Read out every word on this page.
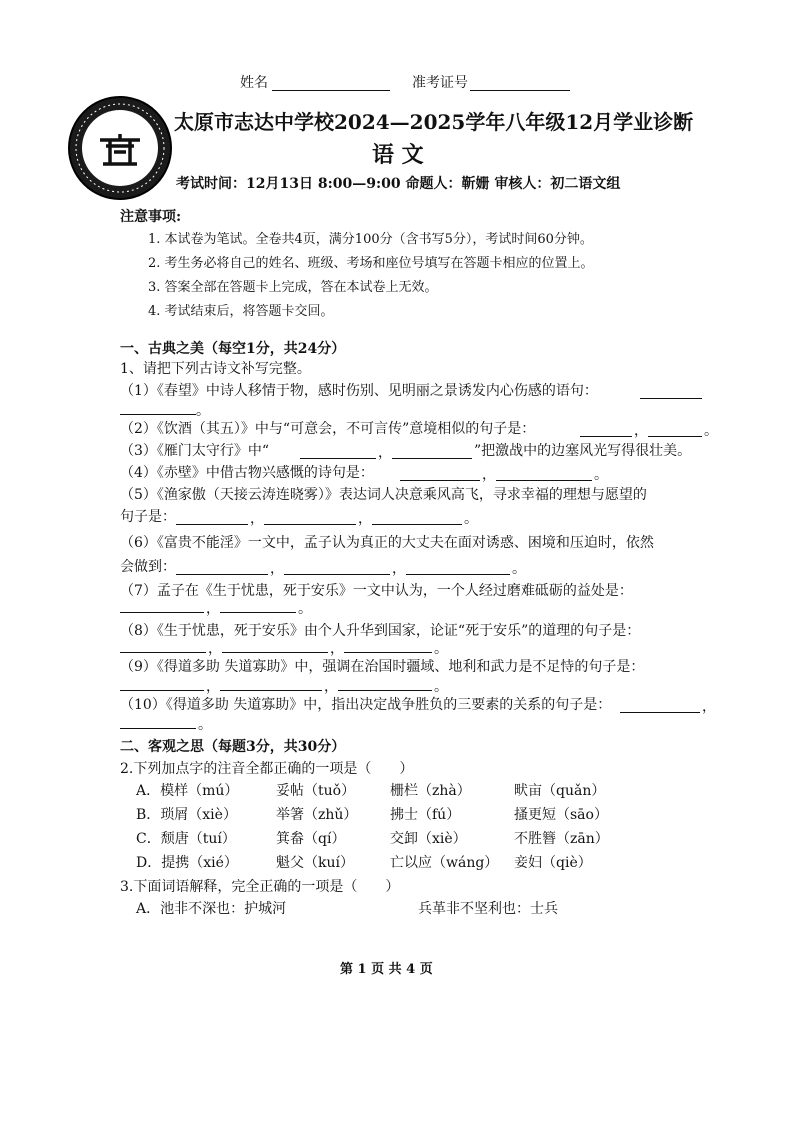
姓名	准考证号
太原市志达中学校2024—2025学年八年级12月学业诊断
语 文
考试时间：12月13日 8:00—9:00 命题人：靳姗 审核人：初二语文组
注意事项:
1. 本试卷为笔试。全卷共4页，满分100分（含书写5分），考试时间60分钟。
2. 考生务必将自己的姓名、班级、考场和座位号填写在答题卡相应的位置上。
3. 答案全部在答题卡上完成，答在本试卷上无效。
4. 考试结束后，将答题卡交回。
一、古典之美（每空1分，共24分）
1、请把下列古诗文补写完整。
（1）《春望》中诗人移情于物，感时伤别、见明丽之景诱发内心伤感的语句：
。
（2）《饮酒（其五）》中与“可意会，不可言传”意境相似的句子是：	，	。
（3）《雁门太守行》中“	，	”把激战中的边塞风光写得很壮美。
（4）《赤壁》中借古物兴感慨的诗句是：	，	。
（5）《渔家傲（天接云涛连晓雾）》表达词人决意乘风高飞，寻求幸福的理想与愿望的
句子是：	，	，	。
（6）《富贵不能淫》一文中，孟子认为真正的大丈夫在面对诱惑、困境和压迫时，依然
会做到：	，	，	。
（7）孟子在《生于忧患，死于安乐》一文中认为，一个人经过磨难砥砺的益处是：
，	。
（8）《生于忧患，死于安乐》由个人升华到国家，论证“死于安乐”的道理的句子是：
，	，	。
（9）《得道多助 失道寡助》中，强调在治国时疆域、地利和武力是不足恃的句子是：
，	，	。
（10）《得道多助 失道寡助》中，指出决定战争胜负的三要素的关系的句子是：	，
。
二、客观之思（每题3分，共30分）
2.下列加点字的注音全都正确的一项是（　　）
A．模样（mú）	妥帖（tuǒ） 栅栏（zhà）	畎亩（quǎn）
B．琐屑（xiè）	举箸（zhǔ） 拂士（fú）	搔更短（sāo）
C．颓唐（tuí）	箕畚（qí）	交卸（xiè）	不胜簪（zān）
D．提携（xié）	魁父（kuí）	亡以应（wáng） 妾妇（qiè）
3.下面词语解释，完全正确的一项是（　　）
A．池非不深也：护城河	兵革非不坚利也：士兵
第 1 页 共 4 页
